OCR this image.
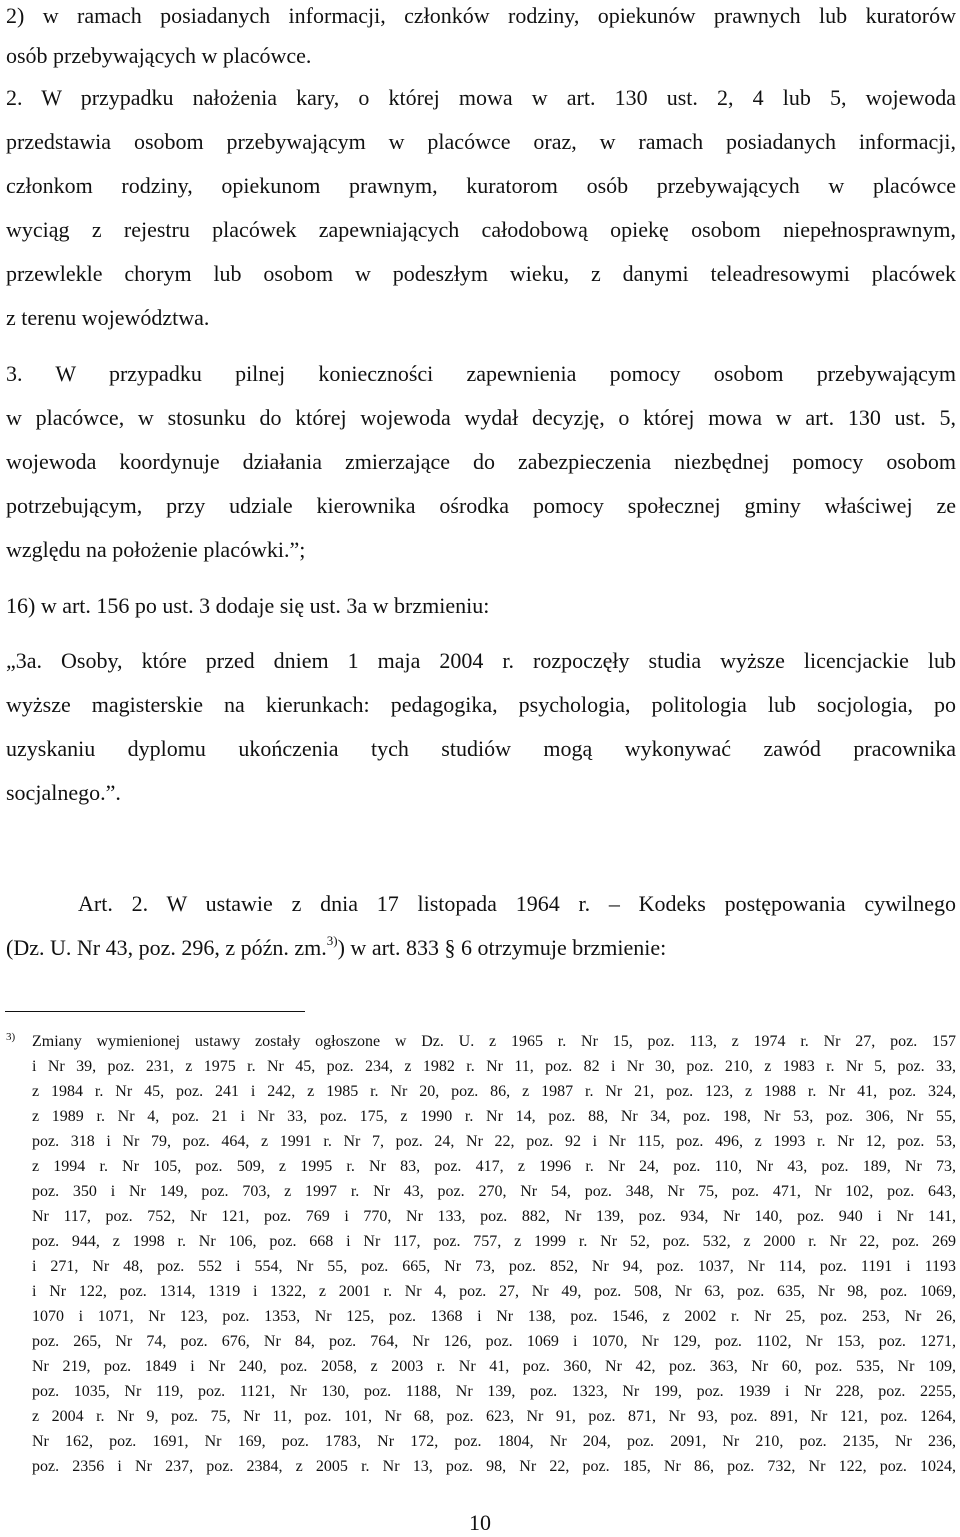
2) w ramach posiadanych informacji, członków rodziny, opiekunów prawnych lub kuratorów
osób przebywających w placówce.
2. W przypadku nałożenia kary, o której mowa w art. 130 ust. 2, 4 lub 5, wojewoda
przedstawia osobom przebywającym w placówce oraz, w ramach posiadanych informacji,
członkom rodziny, opiekunom prawnym, kuratorom osób przebywających w placówce
wyciąg z rejestru placówek zapewniających całodobową opiekę osobom niepełnosprawnym,
przewlekle chorym lub osobom w podeszłym wieku, z danymi teleadresowymi placówek
z terenu województwa.
3. W przypadku pilnej konieczności zapewnienia pomocy osobom przebywającym
w placówce, w stosunku do której wojewoda wydał decyzję, o której mowa w art. 130 ust. 5,
wojewoda koordynuje działania zmierzające do zabezpieczenia niezbędnej pomocy osobom
potrzebującym, przy udziale kierownika ośrodka pomocy społecznej gminy właściwej ze
względu na położenie placówki.”;
16) w art. 156 po ust. 3 dodaje się ust. 3a w brzmieniu:
„3a. Osoby, które przed dniem 1 maja 2004 r. rozpoczęły studia wyższe licencjackie lub
wyższe magisterskie na kierunkach: pedagogika, psychologia, politologia lub socjologia, po
uzyskaniu dyplomu ukończenia tych studiów mogą wykonywać zawód pracownika
socjalnego.”.
Art. 2. W ustawie z dnia 17 listopada 1964 r. – Kodeks postępowania cywilnego
(Dz. U. Nr 43, poz. 296, z późn. zm.$^{3)}$) w art. 833 § 6 otrzymuje brzmienie:
3) Zmiany wymienionej ustawy zostały ogłoszone w Dz. U. z 1965 r. Nr 15, poz. 113, z 1974 r. Nr 27, poz. 157
i Nr 39, poz. 231, z 1975 r. Nr 45, poz. 234, z 1982 r. Nr 11, poz. 82 i Nr 30, poz. 210, z 1983 r. Nr 5, poz. 33,
z 1984 r. Nr 45, poz. 241 i 242, z 1985 r. Nr 20, poz. 86, z 1987 r. Nr 21, poz. 123, z 1988 r. Nr 41, poz. 324,
z 1989 r. Nr 4, poz. 21 i Nr 33, poz. 175, z 1990 r. Nr 14, poz. 88, Nr 34, poz. 198, Nr 53, poz. 306, Nr 55,
poz. 318 i Nr 79, poz. 464, z 1991 r. Nr 7, poz. 24, Nr 22, poz. 92 i Nr 115, poz. 496, z 1993 r. Nr 12, poz. 53,
z 1994 r. Nr 105, poz. 509, z 1995 r. Nr 83, poz. 417, z 1996 r. Nr 24, poz. 110, Nr 43, poz. 189, Nr 73,
poz. 350 i Nr 149, poz. 703, z 1997 r. Nr 43, poz. 270, Nr 54, poz. 348, Nr 75, poz. 471, Nr 102, poz. 643,
Nr 117, poz. 752, Nr 121, poz. 769 i 770, Nr 133, poz. 882, Nr 139, poz. 934, Nr 140, poz. 940 i Nr 141,
poz. 944, z 1998 r. Nr 106, poz. 668 i Nr 117, poz. 757, z 1999 r. Nr 52, poz. 532, z 2000 r. Nr 22, poz. 269
i 271, Nr 48, poz. 552 i 554, Nr 55, poz. 665, Nr 73, poz. 852, Nr 94, poz. 1037, Nr 114, poz. 1191 i 1193
i Nr 122, poz. 1314, 1319 i 1322, z 2001 r. Nr 4, poz. 27, Nr 49, poz. 508, Nr 63, poz. 635, Nr 98, poz. 1069,
1070 i 1071, Nr 123, poz. 1353, Nr 125, poz. 1368 i Nr 138, poz. 1546, z 2002 r. Nr 25, poz. 253, Nr 26,
poz. 265, Nr 74, poz. 676, Nr 84, poz. 764, Nr 126, poz. 1069 i 1070, Nr 129, poz. 1102, Nr 153, poz. 1271,
Nr 219, poz. 1849 i Nr 240, poz. 2058, z 2003 r. Nr 41, poz. 360, Nr 42, poz. 363, Nr 60, poz. 535, Nr 109,
poz. 1035, Nr 119, poz. 1121, Nr 130, poz. 1188, Nr 139, poz. 1323, Nr 199, poz. 1939 i Nr 228, poz. 2255,
z 2004 r. Nr 9, poz. 75, Nr 11, poz. 101, Nr 68, poz. 623, Nr 91, poz. 871, Nr 93, poz. 891, Nr 121, poz. 1264,
Nr 162, poz. 1691, Nr 169, poz. 1783, Nr 172, poz. 1804, Nr 204, poz. 2091, Nr 210, poz. 2135, Nr 236,
poz. 2356 i Nr 237, poz. 2384, z 2005 r. Nr 13, poz. 98, Nr 22, poz. 185, Nr 86, poz. 732, Nr 122, poz. 1024,
10
